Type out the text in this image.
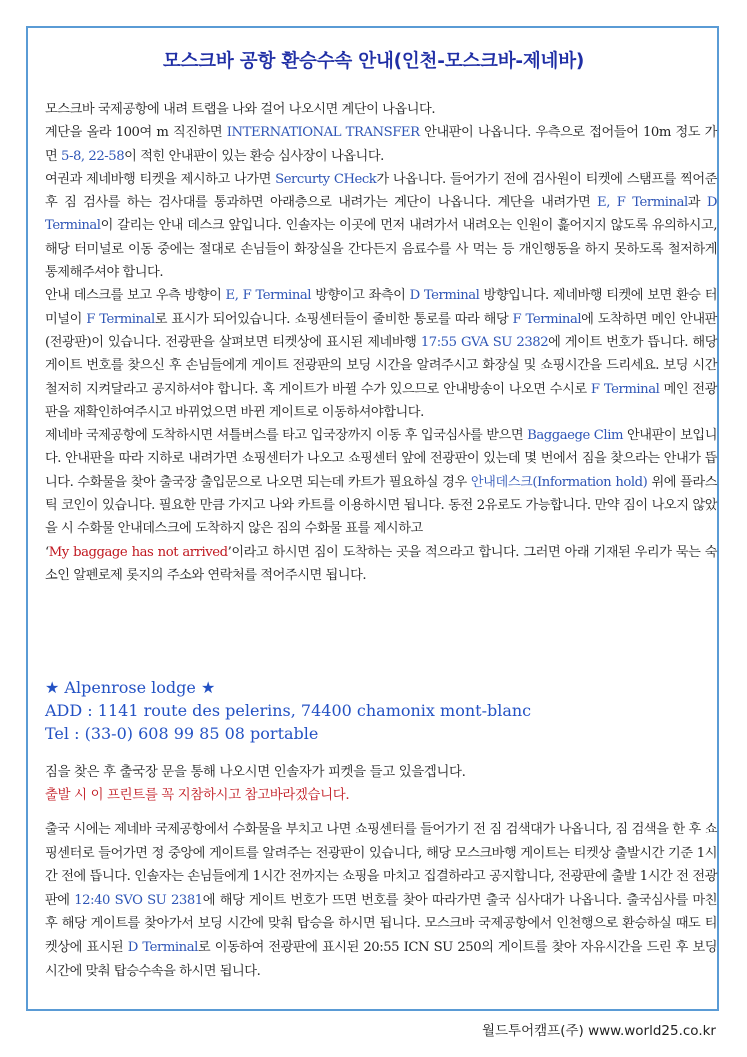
모스크바 공항 환승수속 안내(인천-모스크바-제네바)

모스크바 국제공항에 내려 트랩을 나와 걸어 나오시면 계단이 나옵니다.

계단을 올라 100여 m 직진하면 INTERNATIONAL TRANSFER 안내판이 나옵니다. 우측으로 접어들어 10m 정도 가면 5-8, 22-58이 적힌 안내판이 있는 환승 심사장이 나옵니다.

여권과 제네바행 티켓을 제시하고 나가면 Sercurty CHeck가 나옵니다. 들어가기 전에 검사원이 티켓에 스탬프를 찍어준 후 짐 검사를 하는 검사대를 통과하면 아래층으로 내려가는 계단이 나옵니다. 계단을 내려가면 E, F Terminal과 D Terminal이 갈리는 안내 데스크 앞입니다. 인솔자는 이곳에 먼저 내려가서 내려오는 인원이 흝어지지 않도록 유의하시고, 해당 터미널로 이동 중에는 절대로 손님들이 화장실을 간다든지 음료수를 사 먹는 등 개인행동을 하지 못하도록 철저하게 통제해주셔야 합니다.

안내 데스크를 보고 우측 방향이 E, F Terminal 방향이고 좌측이 D Terminal 방향입니다. 제네바행 티켓에 보면 환승 터미널이 F Terminal로 표시가 되어있습니다. 쇼핑센터들이 줄비한 통로를 따라 해당 F Terminal에 도착하면 메인 안내판(전광판)이 있습니다. 전광판을 살펴보면 티켓상에 표시된 제네바행 17:55 GVA SU 2382에 게이트 번호가 뜹니다. 해당 게이트 번호를 찾으신 후 손님들에게 게이트 전광판의 보딩 시간을 알려주시고 화장실 및 쇼핑시간을 드리세요. 보딩 시간 철저히 지켜달라고 공지하셔야 합니다. 혹 게이트가 바뀔 수가 있으므로 안내방송이 나오면 수시로 F Terminal 메인 전광판을 재확인하여주시고 바뀌었으면 바뀐 게이트로 이동하셔야합니다.

제네바 국제공항에 도착하시면 셔틀버스를 타고 입국장까지 이동 후 입국심사를 받으면 Baggaege Clim 안내판이 보입니다. 안내판을 따라 지하로 내려가면 쇼핑센터가 나오고 쇼핑센터 앞에 전광판이 있는데 몇 번에서 짐을 찾으라는 안내가 뜹니다. 수화물을 찾아 출국장 출입문으로 나오면 되는데 카트가 필요하실 경우 안내데스크(Information hold) 위에 플라스틱 코인이 있습니다. 필요한 만큼 가지고 나와 카트를 이용하시면 됩니다. 동전 2유로도 가능합니다. 만약 짐이 나오지 않았을 시 수화물 안내데스크에 도착하지 않은 짐의 수화물 표를 제시하고

‘My baggage has not arrived’이라고 하시면 짐이 도착하는 곳을 적으라고 합니다. 그러면 아래 기재된 우리가 묵는 숙소인 알펜로제 롯지의 주소와 연락처를 적어주시면 됩니다.

★ Alpenrose lodge ★
ADD : 1141 route des pelerins, 74400 chamonix mont-blanc
Tel : (33-0) 608 99 85 08 portable
짐을 찾은 후 출국장 문을 통해 나오시면 인솔자가 피켓을 들고 있을겝니다.
출발 시 이 프린트를 꼭 지참하시고 참고바라겠습니다.

출국 시에는 제네바 국제공항에서 수화물을 부치고 나면 쇼핑센터를 들어가기 전 짐 검색대가 나옵니다, 짐 검색을 한 후 쇼핑센터로 들어가면 정 중앙에 게이트를 알려주는 전광판이 있습니다, 해당 모스크바행 게이트는 티켓상 출발시간 기준 1시간 전에 뜹니다. 인솔자는 손님들에게 1시간 전까지는 쇼핑을 마치고 집결하라고 공지합니다, 전광판에 출발 1시간 전 전광판에 12:40 SVO SU 2381에 해당 게이트 번호가 뜨면 번호를 찾아 따라가면 출국 심사대가 나옵니다. 출국심사를 마친 후 해당 게이트를 찾아가서 보딩 시간에 맞춰 탑승을 하시면 됩니다. 모스크바 국제공항에서 인천행으로 환승하실 때도 티켓상에 표시된 D Terminal로 이동하여 전광판에 표시된 20:55 ICN SU 250의 게이트를 찾아 자유시간을 드린 후 보딩 시간에 맞춰 탑승수속을 하시면 됩니다.

월드투어캠프(주) www.world25.co.kr
